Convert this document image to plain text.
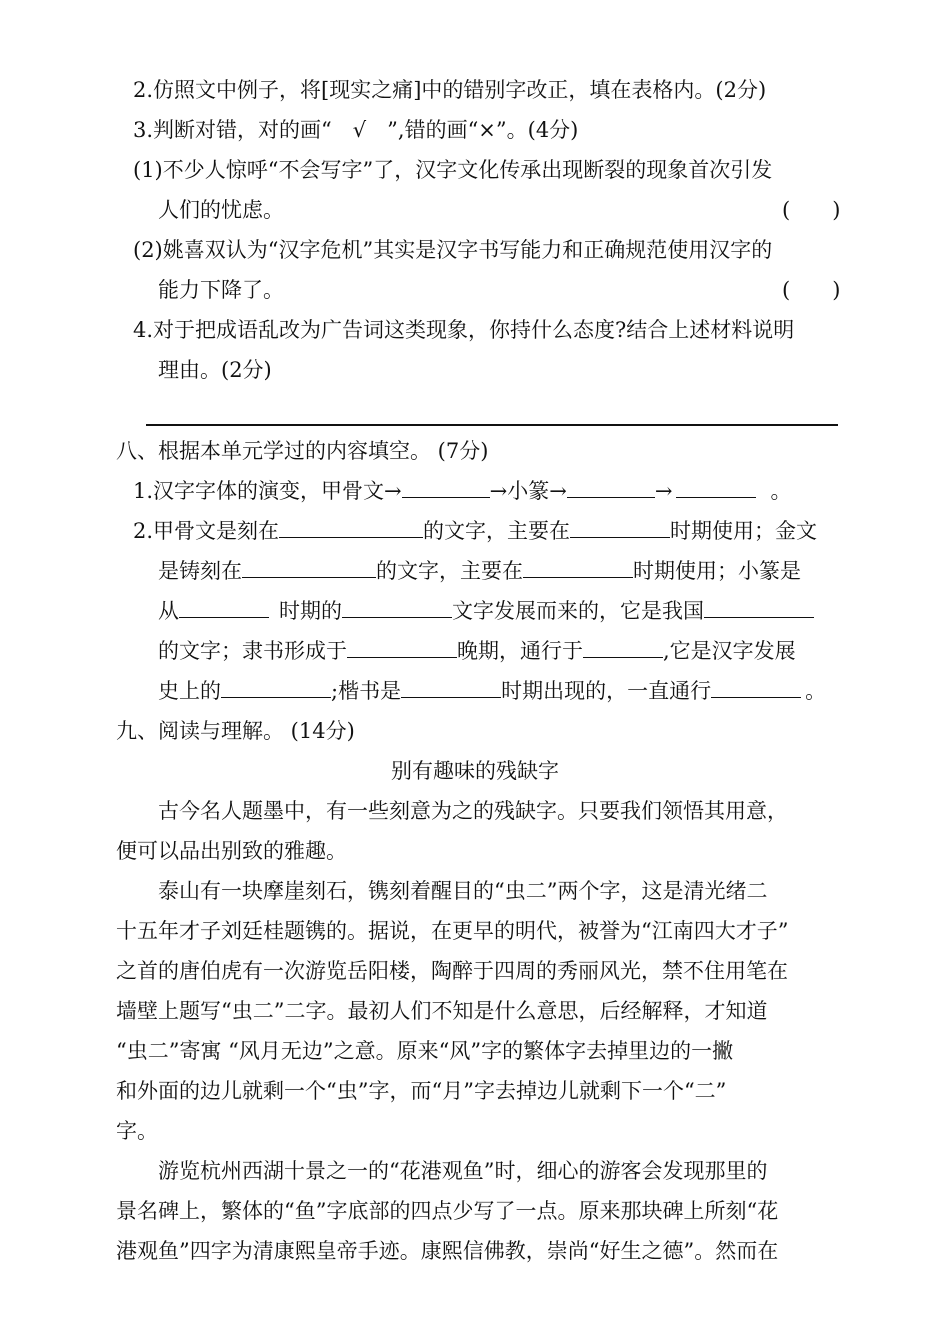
2.仿照文中例子，将[现实之痛]中的错别字改正，填在表格内。(2分)
3.判断对错，对的画“　√　”,错的画“×”。(4分)
(1)不少人惊呼“不会写字”了，汉字文化传承出现断裂的现象首次引发
人们的忧虑。	(　　)
(2)姚喜双认为“汉字危机”其实是汉字书写能力和正确规范使用汉字的
能力下降了。	(　　)
4.对于把成语乱改为广告词这类现象，你持什么态度?结合上述材料说明
理由。(2分)
八、根据本单元学过的内容填空。 (7分)
1.汉字字体的演变，甲骨文→	→小篆→	→	。
2.甲骨文是刻在	的文字，主要在	时期使用；金文
是铸刻在	的文字，主要在	时期使用；小篆是
从	时期的	文字发展而来的，它是我国
的文字；隶书形成于	晚期，通行于	,它是汉字发展
史上的	;楷书是	时期出现的，一直通行	。
九、阅读与理解。 (14分)
别有趣味的残缺字
古今名人题墨中，有一些刻意为之的残缺字。只要我们领悟其用意，
便可以品出别致的雅趣。
泰山有一块摩崖刻石，镌刻着醒目的“虫二”两个字，这是清光绪二
十五年才子刘廷桂题镌的。据说，在更早的明代，被誉为“江南四大才子”
之首的唐伯虎有一次游览岳阳楼，陶醉于四周的秀丽风光，禁不住用笔在
墙壁上题写“虫二”二字。最初人们不知是什么意思，后经解释，才知道
“虫二”寄寓 “风月无边”之意。原来“风”字的繁体字去掉里边的一撇
和外面的边儿就剩一个“虫”字，而“月”字去掉边儿就剩下一个“二”
字。
游览杭州西湖十景之一的“花港观鱼”时，细心的游客会发现那里的
景名碑上，繁体的“鱼”字底部的四点少写了一点。原来那块碑上所刻“花
港观鱼”四字为清康熙皇帝手迹。康熙信佛教，崇尚“好生之德”。然而在
